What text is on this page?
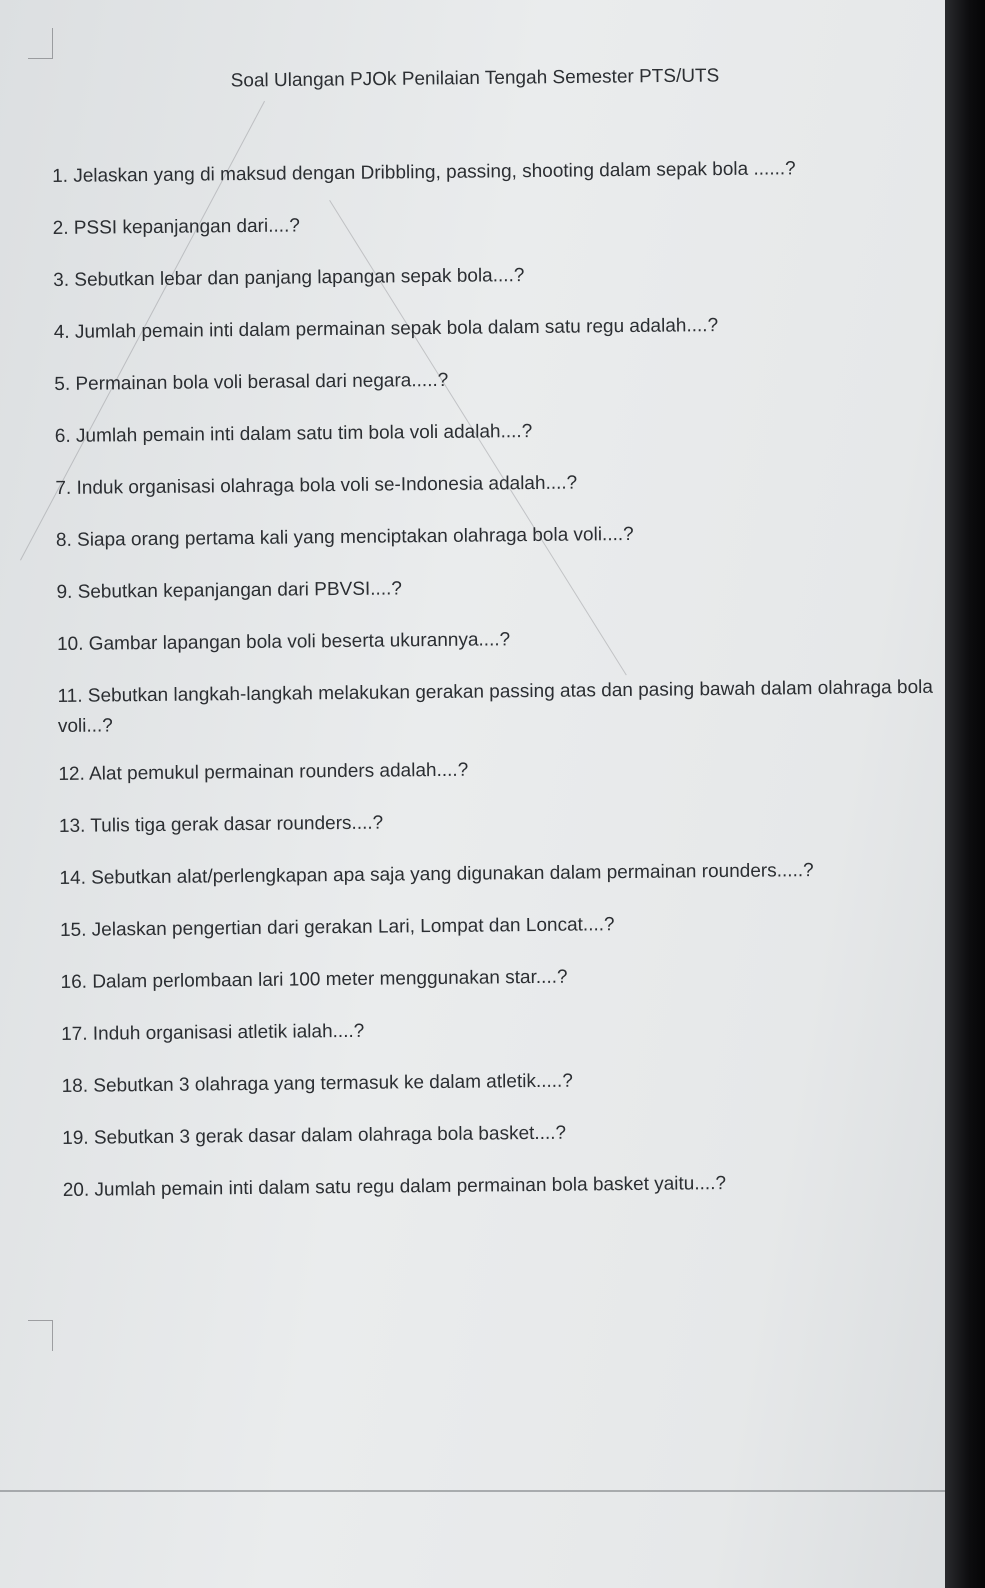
Soal Ulangan PJOk Penilaian Tengah Semester PTS/UTS
1. Jelaskan yang di maksud dengan Dribbling, passing, shooting dalam sepak bola ......?
2. PSSI kepanjangan dari....?
3. Sebutkan lebar dan panjang lapangan sepak bola....?
4. Jumlah pemain inti dalam permainan sepak bola dalam satu regu adalah....?
5. Permainan bola voli berasal dari negara.....?
6. Jumlah pemain inti dalam satu tim bola voli adalah....?
7. Induk organisasi olahraga bola voli se-Indonesia adalah....?
8. Siapa orang pertama kali yang menciptakan olahraga bola voli....?
9. Sebutkan kepanjangan dari PBVSI....?
10. Gambar lapangan bola voli beserta ukurannya....?
11. Sebutkan langkah-langkah melakukan gerakan passing atas dan pasing bawah dalam olahraga bola voli...?
12. Alat pemukul permainan rounders adalah....?
13. Tulis tiga gerak dasar rounders....?
14. Sebutkan alat/perlengkapan apa saja yang digunakan dalam permainan rounders.....?
15. Jelaskan pengertian dari gerakan Lari, Lompat dan Loncat....?
16. Dalam perlombaan lari 100 meter menggunakan star....?
17. Induh organisasi atletik ialah....?
18. Sebutkan 3 olahraga yang termasuk ke dalam atletik.....?
19. Sebutkan 3 gerak dasar dalam olahraga bola basket....?
20. Jumlah pemain inti dalam satu regu dalam permainan bola basket yaitu....?
